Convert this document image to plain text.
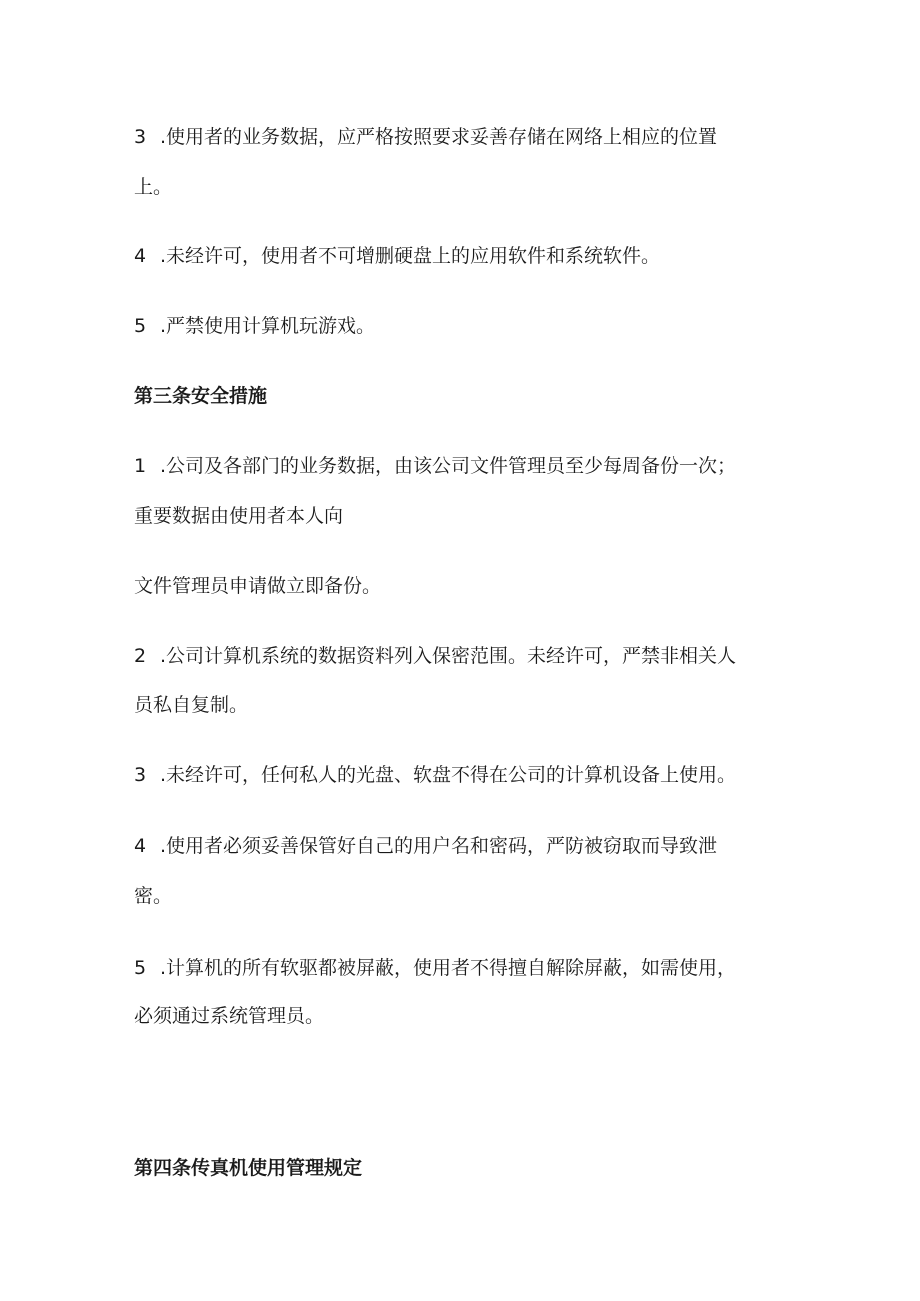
3 .使用者的业务数据，应严格按照要求妥善存储在网络上相应的位置
上。
4 .未经许可，使用者不可增删硬盘上的应用软件和系统软件。
5 .严禁使用计算机玩游戏。
第三条安全措施
1 .公司及各部门的业务数据，由该公司文件管理员至少每周备份一次；
重要数据由使用者本人向
文件管理员申请做立即备份。
2 .公司计算机系统的数据资料列入保密范围。未经许可，严禁非相关人
员私自复制。
3 .未经许可，任何私人的光盘、软盘不得在公司的计算机设备上使用。
4 .使用者必须妥善保管好自己的用户名和密码，严防被窃取而导致泄
密。
5 .计算机的所有软驱都被屏蔽，使用者不得擅自解除屏蔽，如需使用，
必须通过系统管理员。
第四条传真机使用管理规定
